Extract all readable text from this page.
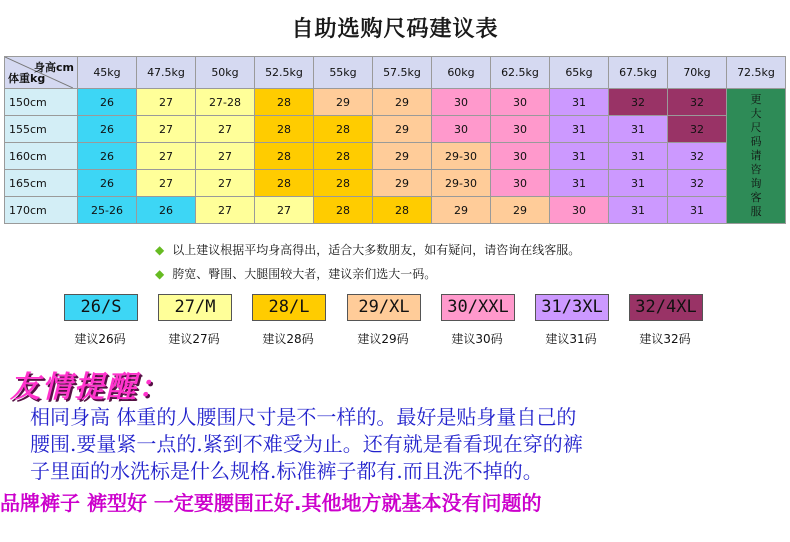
自助选购尺码建议表
身高cm
体重kg	45kg	47.5kg	50kg	52.5kg	55kg	57.5kg	60kg	62.5kg	65kg	67.5kg	70kg	72.5kg
150cm	26	27	27-28	28	29	29	30	30	31	32	32	更大尺码请咨询客服

155cm	26	27	27	28	28	29	30	30	31	31	32	
160cm	26	27	27	28	28	29	29-30	30	31	31	32	
165cm	26	27	27	28	28	29	29-30	30	31	31	32	
170cm	25-26	26	27	27	28	28	29	29	30	31	31	
◆ 以上建议根据平均身高得出，适合大多数朋友，如有疑问，请咨询在线客服。
◆ 胯宽、臀围、大腿围较大者，建议亲们选大一码。
26/S
建议26码
27/M
建议27码
28/L
建议28码
29/XL
建议29码
30/XXL
建议30码
31/3XL
建议31码
32/4XL
建议32码
友情提醒：
相同身高 体重的人腰围尺寸是不一样的。最好是贴身量自己的
腰围.要量紧一点的.紧到不难受为止。还有就是看看现在穿的裤
子里面的水洗标是什么规格.标准裤子都有.而且洗不掉的。
品牌裤子 裤型好 一定要腰围正好.其他地方就基本没有问题的
